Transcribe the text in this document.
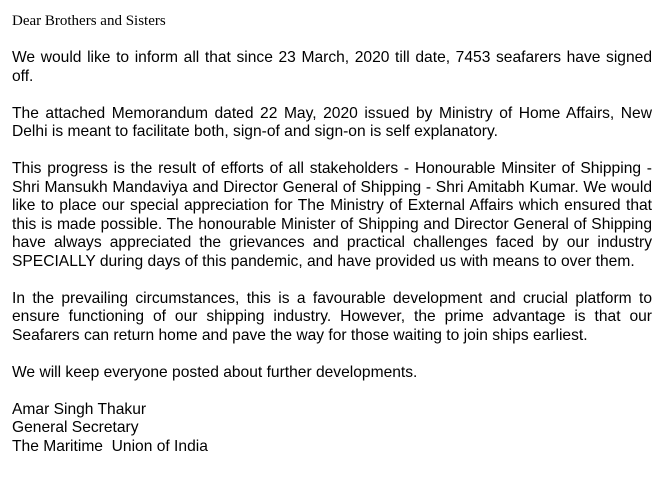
Dear Brothers and Sisters

We would like to inform all that since 23 March, 2020 till date, 7453 seafarers have signed off.

The attached Memorandum dated 22 May, 2020 issued by Ministry of Home Affairs, New Delhi is meant to facilitate both, sign-of and sign-on is self explanatory.

This progress is the result of efforts of all stakeholders - Honourable Minsiter of Shipping - Shri Mansukh Mandaviya and Director General of Shipping - Shri Amitabh Kumar. We would like to place our special appreciation for The Ministry of External Affairs which ensured that this is made possible. The honourable Minister of Shipping and Director General of Shipping have always appreciated the grievances and practical challenges faced by our industry SPECIALLY during days of this pandemic, and have provided us with means to over them.

In the prevailing circumstances, this is a favourable development and crucial platform to ensure functioning of our shipping industry. However, the prime advantage is that our Seafarers can return home and pave the way for those waiting to join ships earliest.

We will keep everyone posted about further developments.

Amar Singh Thakur
General Secretary
The Maritime  Union of India
